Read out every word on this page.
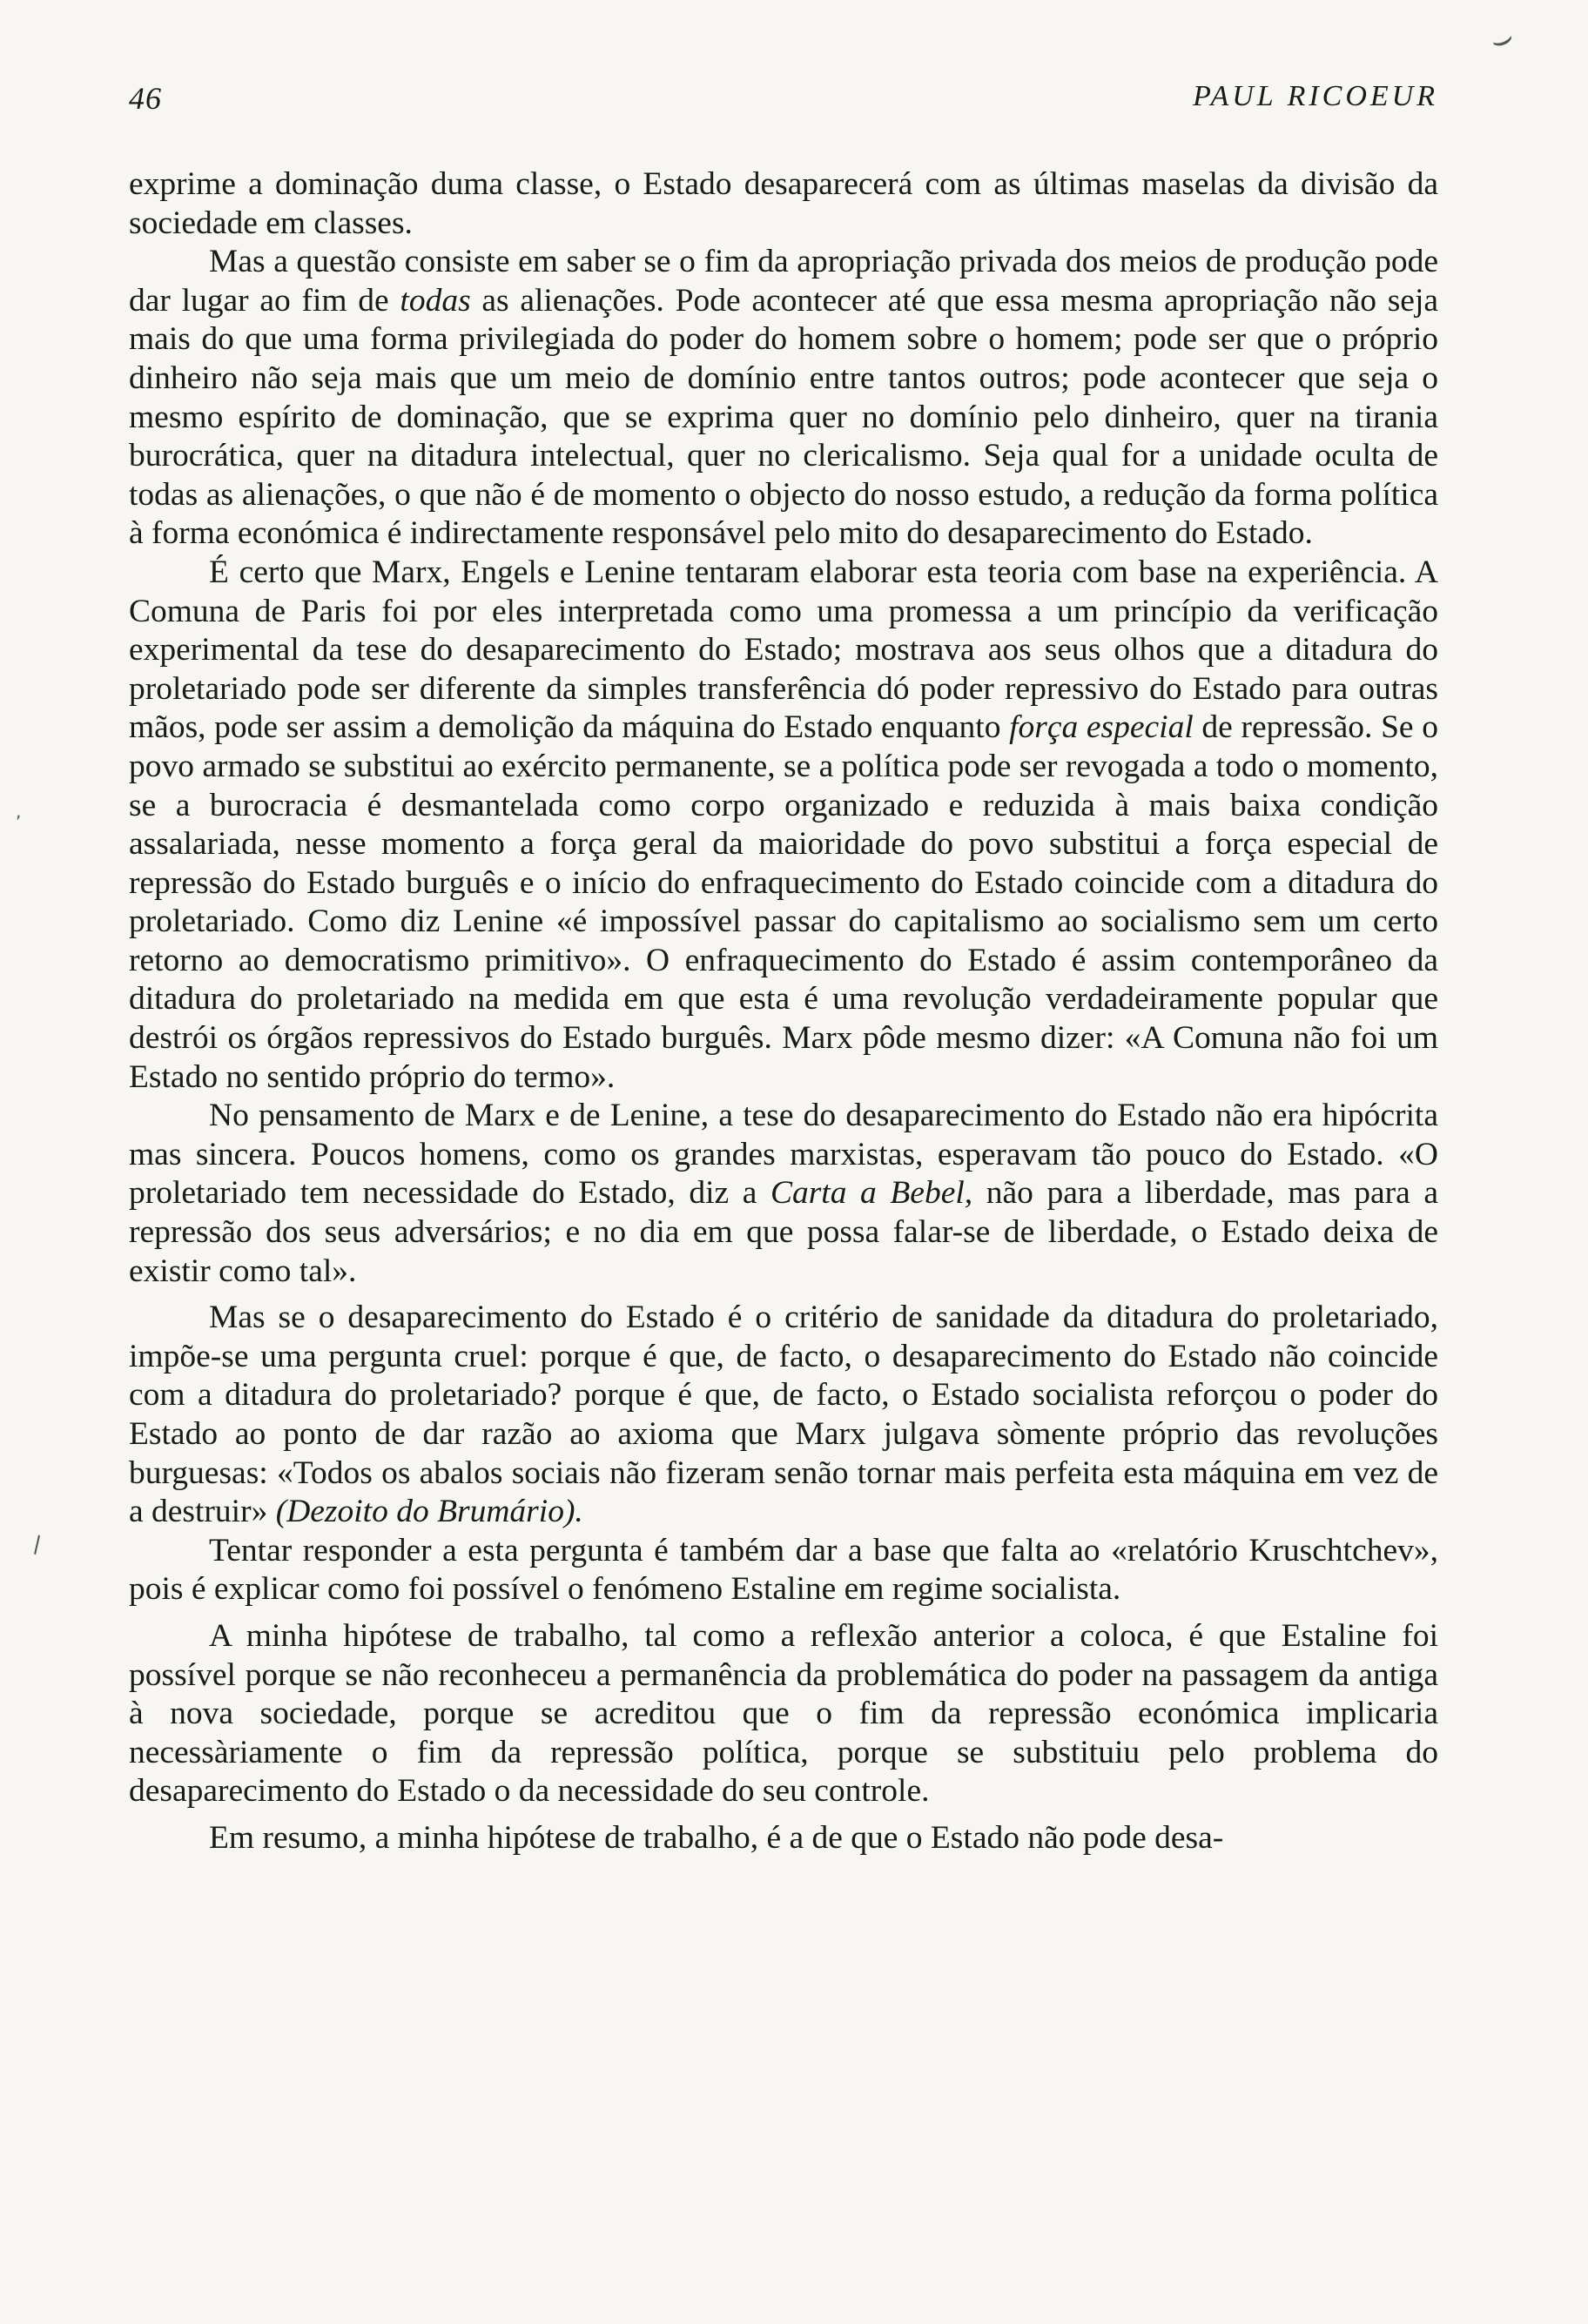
⌣
,
\
46	PAUL RICOEUR

exprime a dominação duma classe, o Estado desaparecerá com as últimas maselas da divisão da sociedade em classes.

Mas a questão consiste em saber se o fim da apropriação privada dos meios de produção pode dar lugar ao fim de todas as alienações. Pode acontecer até que essa mesma apropriação não seja mais do que uma forma privilegiada do poder do homem sobre o homem; pode ser que o próprio dinheiro não seja mais que um meio de domínio entre tantos outros; pode acontecer que seja o mesmo espírito de dominação, que se exprima quer no domínio pelo dinheiro, quer na tirania burocrática, quer na ditadura intelectual, quer no clericalismo. Seja qual for a unidade oculta de todas as alienações, o que não é de momento o objecto do nosso estudo, a redução da forma política à forma económica é indirectamente responsável pelo mito do desaparecimento do Estado.

É certo que Marx, Engels e Lenine tentaram elaborar esta teoria com base na experiência. A Comuna de Paris foi por eles interpretada como uma promessa a um princípio da verificação experimental da tese do desaparecimento do Estado; mostrava aos seus olhos que a ditadura do proletariado pode ser diferente da simples transferência dó poder repressivo do Estado para outras mãos, pode ser assim a demolição da máquina do Estado enquanto força especial de repressão. Se o povo armado se substitui ao exército permanente, se a política pode ser revogada a todo o momento, se a burocracia é desmantelada como corpo organizado e reduzida à mais baixa condição assalariada, nesse momento a força geral da maioridade do povo substitui a força especial de repressão do Estado burguês e o início do enfraquecimento do Estado coincide com a ditadura do proletariado. Como diz Lenine «é impossível passar do capitalismo ao socialismo sem um certo retorno ao democratismo primitivo». O enfraquecimento do Estado é assim contemporâneo da ditadura do proletariado na medida em que esta é uma revolução verdadeiramente popular que destrói os órgãos repressivos do Estado burguês. Marx pôde mesmo dizer: «A Comuna não foi um Estado no sentido próprio do termo».

No pensamento de Marx e de Lenine, a tese do desaparecimento do Estado não era hipócrita mas sincera. Poucos homens, como os grandes marxistas, esperavam tão pouco do Estado. «O proletariado tem necessidade do Estado, diz a Carta a Bebel, não para a liberdade, mas para a repressão dos seus adversários; e no dia em que possa falar-se de liberdade, o Estado deixa de existir como tal».

Mas se o desaparecimento do Estado é o critério de sanidade da ditadura do proletariado, impõe-se uma pergunta cruel: porque é que, de facto, o desaparecimento do Estado não coincide com a ditadura do proletariado? porque é que, de facto, o Estado socialista reforçou o poder do Estado ao ponto de dar razão ao axioma que Marx julgava sòmente próprio das revoluções burguesas: «Todos os abalos sociais não fizeram senão tornar mais perfeita esta máquina em vez de a destruir» (Dezoito do Brumário).

Tentar responder a esta pergunta é também dar a base que falta ao «relatório Kruschtchev», pois é explicar como foi possível o fenómeno Estaline em regime socialista.

A minha hipótese de trabalho, tal como a reflexão anterior a coloca, é que Estaline foi possível porque se não reconheceu a permanência da problemática do poder na passagem da antiga à nova sociedade, porque se acreditou que o fim da repressão económica implicaria necessàriamente o fim da repressão política, porque se substituiu pelo problema do desaparecimento do Estado o da necessidade do seu controle.

Em resumo, a minha hipótese de trabalho, é a de que o Estado não pode desa-
